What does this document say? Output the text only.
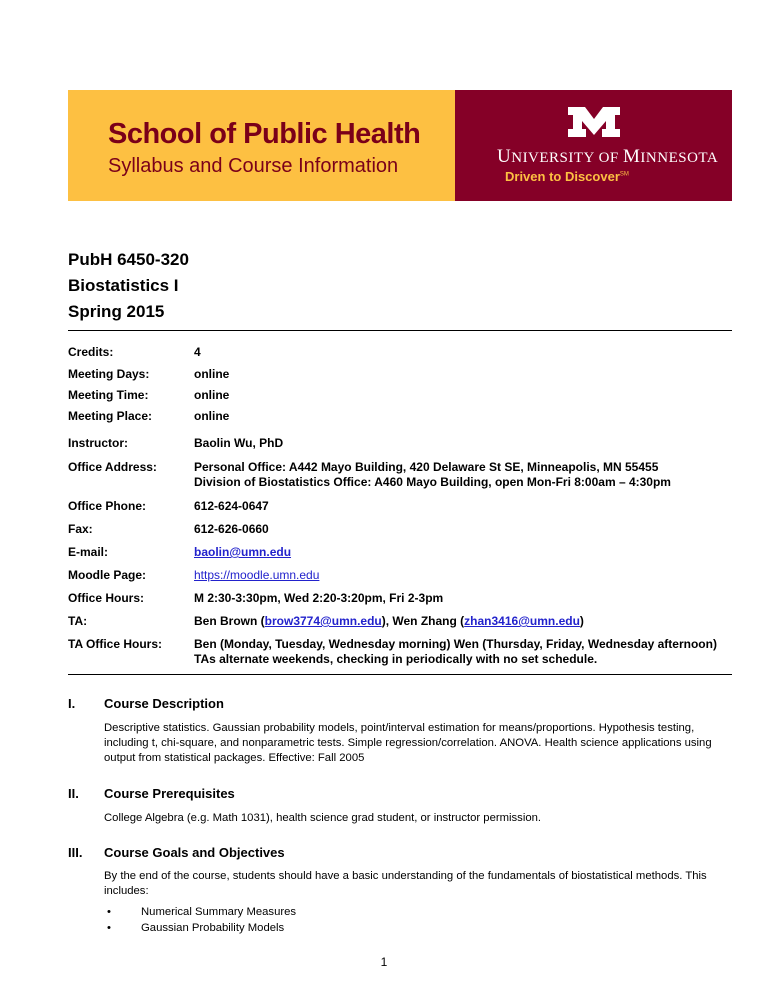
School of Public Health
Syllabus and Course Information	UNIVERSITY OF MINNESOTA
Driven to Discover℠
PubH 6450-320
Biostatistics I
Spring 2015
Credits:	4
Meeting Days:	online
Meeting Time:	online
Meeting Place:	online
Instructor:	Baolin Wu, PhD
Office Address:	Personal Office: A442 Mayo Building, 420 Delaware St SE, Minneapolis, MN 55455
Division of Biostatistics Office: A460 Mayo Building, open Mon-Fri 8:00am – 4:30pm
Office Phone:	612-624-0647
Fax:	612-626-0660
E-mail:	baolin@umn.edu
Moodle Page:	https://moodle.umn.edu
Office Hours:	M 2:30-3:30pm, Wed 2:20-3:20pm, Fri 2-3pm
TA:	Ben Brown (brow3774@umn.edu), Wen Zhang (zhan3416@umn.edu)
TA Office Hours:	Ben (Monday, Tuesday, Wednesday morning) Wen (Thursday, Friday, Wednesday afternoon) TAs alternate weekends, checking in periodically with no set schedule.
I. Course Description
Descriptive statistics. Gaussian probability models, point/interval estimation for means/proportions. Hypothesis testing, including t, chi-square, and nonparametric tests. Simple regression/correlation. ANOVA. Health science applications using output from statistical packages. Effective: Fall 2005
II. Course Prerequisites
College Algebra (e.g. Math 1031), health science grad student, or instructor permission.
III. Course Goals and Objectives
By the end of the course, students should have a basic understanding of the fundamentals of biostatistical methods. This includes:
• Numerical Summary Measures
• Gaussian Probability Models
1
